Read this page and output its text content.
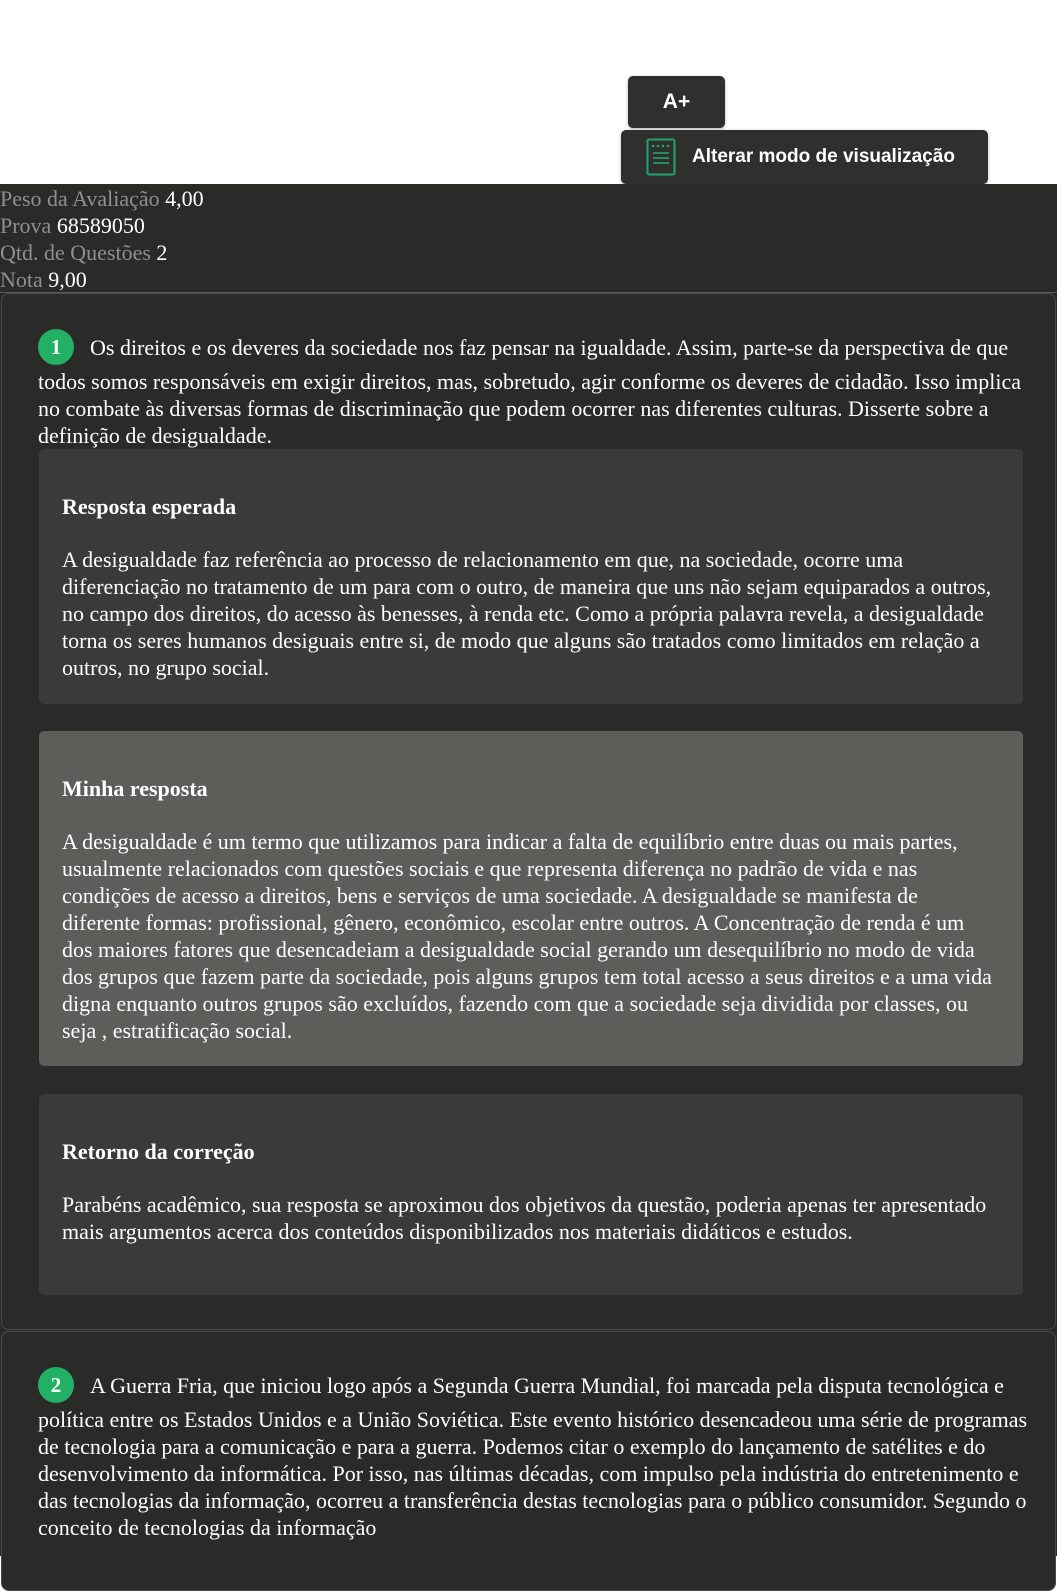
A+
Alterar modo de visualização
Peso da Avaliação 4,00
Prova 68589050
Qtd. de Questões 2
Nota 9,00
1 Os direitos e os deveres da sociedade nos faz pensar na igualdade. Assim, parte-se da perspectiva de que todos somos responsáveis em exigir direitos, mas, sobretudo, agir conforme os deveres de cidadão. Isso implica no combate às diversas formas de discriminação que podem ocorrer nas diferentes culturas. Disserte sobre a definição de desigualdade.
Resposta esperada

A desigualdade faz referência ao processo de relacionamento em que, na sociedade, ocorre uma diferenciação no tratamento de um para com o outro, de maneira que uns não sejam equiparados a outros, no campo dos direitos, do acesso às benesses, à renda etc. Como a própria palavra revela, a desigualdade torna os seres humanos desiguais entre si, de modo que alguns são tratados como limitados em relação a outros, no grupo social.

Minha resposta

A desigualdade é um termo que utilizamos para indicar a falta de equilíbrio entre duas ou mais partes, usualmente relacionados com questões sociais e que representa diferença no padrão de vida e nas condições de acesso a direitos, bens e serviços de uma sociedade. A desigualdade se manifesta de diferente formas: profissional, gênero, econômico, escolar entre outros. A Concentração de renda é um dos maiores fatores que desencadeiam a desigualdade social gerando um desequilíbrio no modo de vida dos grupos que fazem parte da sociedade, pois alguns grupos tem total acesso a seus direitos e a uma vida digna enquanto outros grupos são excluídos, fazendo com que a sociedade seja dividida por classes, ou seja , estratificação social.

Retorno da correção

Parabéns acadêmico, sua resposta se aproximou dos objetivos da questão, poderia apenas ter apresentado mais argumentos acerca dos conteúdos disponibilizados nos materiais didáticos e estudos.

2 A Guerra Fria, que iniciou logo após a Segunda Guerra Mundial, foi marcada pela disputa tecnológica e política entre os Estados Unidos e a União Soviética. Este evento histórico desencadeou uma série de programas de tecnologia para a comunicação e para a guerra. Podemos citar o exemplo do lançamento de satélites e do desenvolvimento da informática. Por isso, nas últimas décadas, com impulso pela indústria do entretenimento e das tecnologias da informação, ocorreu a transferência destas tecnologias para o público consumidor. Segundo o conceito de tecnologias da informação
